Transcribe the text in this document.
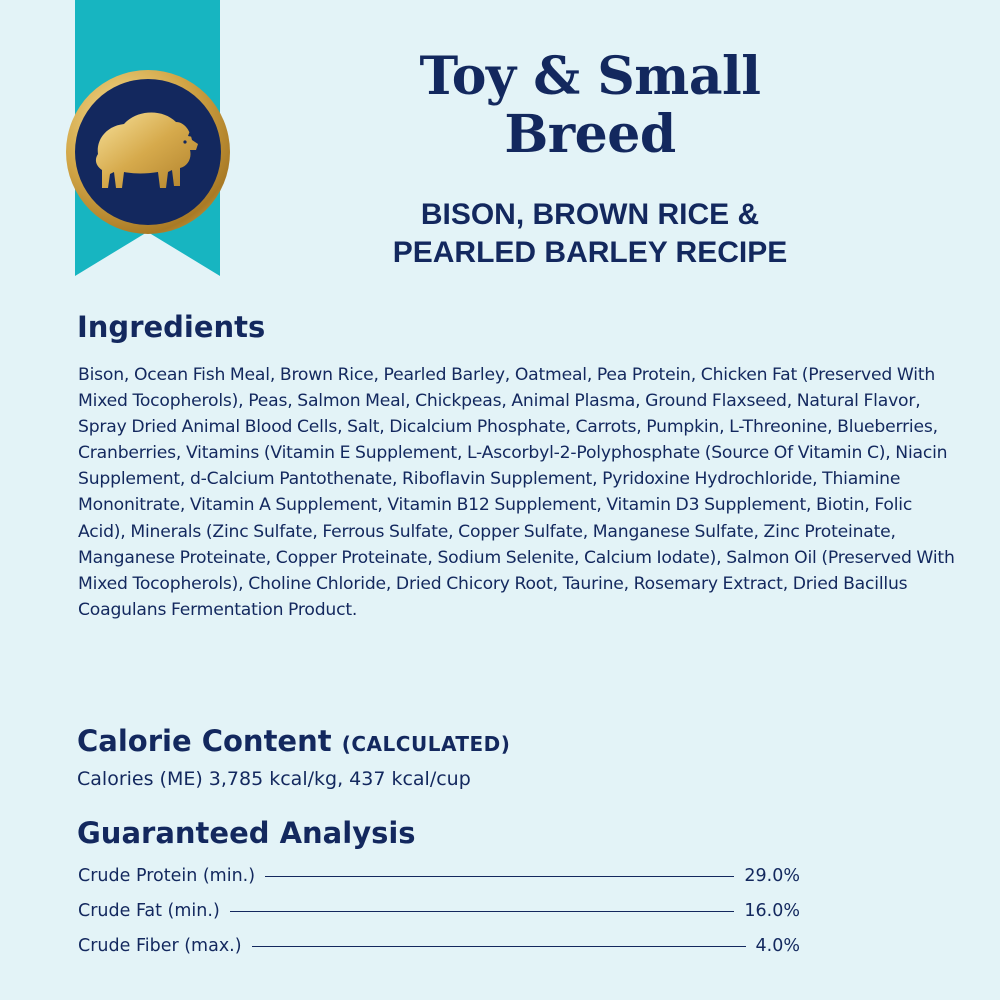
Toy & Small Breed
BISON, BROWN RICE &
PEARLED BARLEY RECIPE
Ingredients

Bison, Ocean Fish Meal, Brown Rice, Pearled Barley, Oatmeal, Pea Protein, Chicken Fat (Preserved With Mixed Tocopherols), Peas, Salmon Meal, Chickpeas, Animal Plasma, Ground Flaxseed, Natural Flavor, Spray Dried Animal Blood Cells, Salt, Dicalcium Phosphate, Carrots, Pumpkin, L-Threonine, Blueberries, Cranberries, Vitamins (Vitamin E Supplement, L-Ascorbyl-2-Polyphosphate (Source Of Vitamin C), Niacin Supplement, d-Calcium Pantothenate, Riboflavin Supplement, Pyridoxine Hydrochloride, Thiamine Mononitrate, Vitamin A Supplement, Vitamin B12 Supplement, Vitamin D3 Supplement, Biotin, Folic Acid), Minerals (Zinc Sulfate, Ferrous Sulfate, Copper Sulfate, Manganese Sulfate, Zinc Proteinate, Manganese Proteinate, Copper Proteinate, Sodium Selenite, Calcium Iodate), Salmon Oil (Preserved With Mixed Tocopherols), Choline Chloride, Dried Chicory Root, Taurine, Rosemary Extract, Dried Bacillus Coagulans Fermentation Product.

Calorie Content (CALCULATED)

Calories (ME) 3,785 kcal/kg, 437 kcal/cup

Guaranteed Analysis
Crude Protein (min.)	29.0%
Crude Fat (min.)	16.0%
Crude Fiber (max.)	4.0%
